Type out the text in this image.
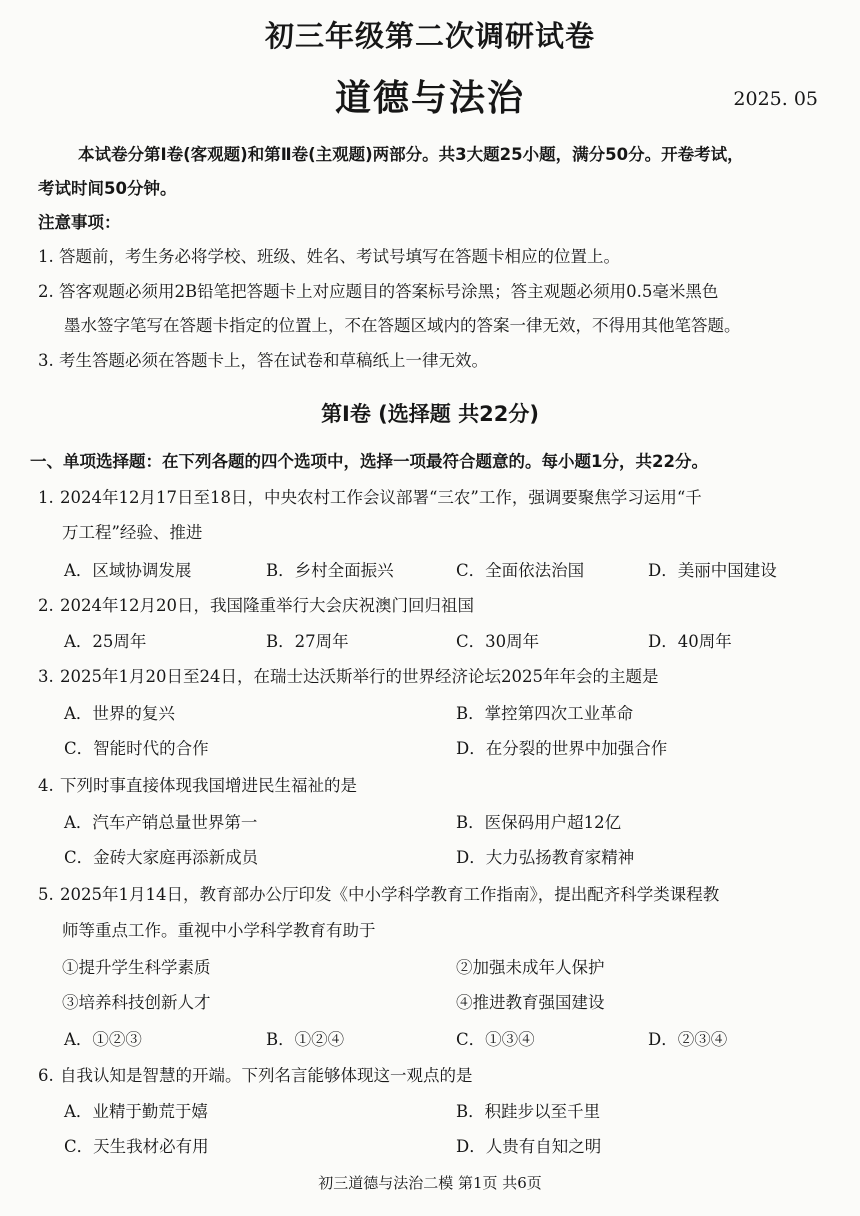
初三年级第二次调研试卷
道德与法治	2025. 05
本试卷分第Ⅰ卷(客观题)和第Ⅱ卷(主观题)两部分。共3大题25小题，满分50分。开卷考试，
考试时间50分钟。
注意事项：
1. 答题前，考生务必将学校、班级、姓名、考试号填写在答题卡相应的位置上。
2. 答客观题必须用2B铅笔把答题卡上对应题目的答案标号涂黑；答主观题必须用0.5毫米黑色
墨水签字笔写在答题卡指定的位置上，不在答题区域内的答案一律无效，不得用其他笔答题。
3. 考生答题必须在答题卡上，答在试卷和草稿纸上一律无效。
第Ⅰ卷 (选择题 共22分)
一、单项选择题：在下列各题的四个选项中，选择一项最符合题意的。每小题1分，共22分。
1. 2024年12月17日至18日，中央农村工作会议部署“三农”工作，强调要聚焦学习运用“千
万工程”经验、推进
A．区域协调发展	B．乡村全面振兴	C．全面依法治国	D．美丽中国建设
2. 2024年12月20日，我国隆重举行大会庆祝澳门回归祖国
A．25周年	B．27周年	C．30周年	D．40周年
3. 2025年1月20日至24日，在瑞士达沃斯举行的世界经济论坛2025年年会的主题是
A．世界的复兴	B．掌控第四次工业革命
C．智能时代的合作	D．在分裂的世界中加强合作
4. 下列时事直接体现我国增进民生福祉的是
A．汽车产销总量世界第一	B．医保码用户超12亿
C．金砖大家庭再添新成员	D．大力弘扬教育家精神
5. 2025年1月14日，教育部办公厅印发《中小学科学教育工作指南》，提出配齐科学类课程教
师等重点工作。重视中小学科学教育有助于
①提升学生科学素质	②加强未成年人保护
③培养科技创新人才	④推进教育强国建设
A．①②③	B．①②④	C．①③④	D．②③④
6. 自我认知是智慧的开端。下列名言能够体现这一观点的是
A．业精于勤荒于嬉	B．积跬步以至千里
C．天生我材必有用	D．人贵有自知之明
初三道德与法治二模 第1页 共6页
